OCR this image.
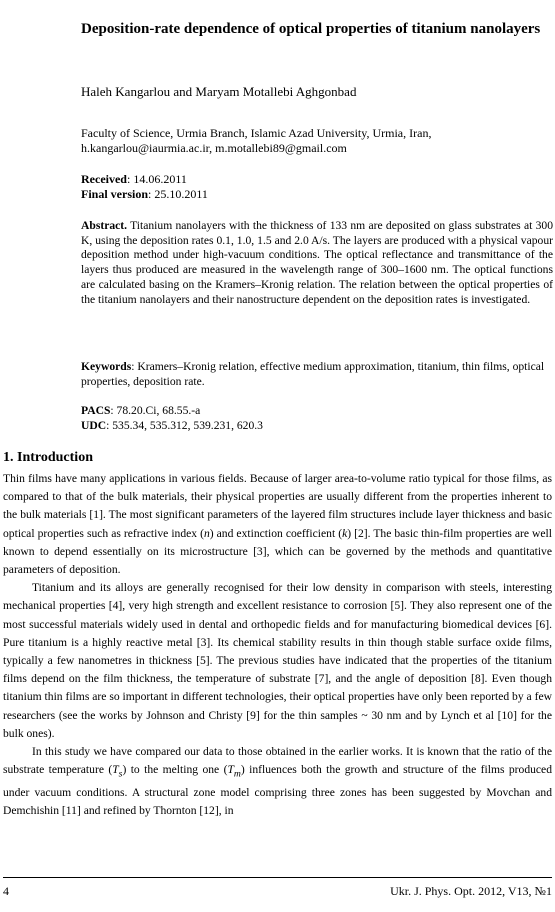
Deposition-rate dependence of optical properties of titanium nanolayers
Haleh Kangarlou and Maryam Motallebi Aghgonbad
Faculty of Science, Urmia Branch, Islamic Azad University, Urmia, Iran,
h.kangarlou@iaurmia.ac.ir, m.motallebi89@gmail.com
Received: 14.06.2011
Final version: 25.10.2011
Abstract. Titanium nanolayers with the thickness of 133 nm are deposited on glass substrates at 300 K, using the deposition rates 0.1, 1.0, 1.5 and 2.0 A/s. The layers are produced with a physical vapour deposition method under high-vacuum conditions. The optical reflectance and transmittance of the layers thus produced are measured in the wavelength range of 300–1600 nm. The optical functions are calculated basing on the Kramers–Kronig relation. The relation between the optical properties of the titanium nanolayers and their nanostructure dependent on the deposition rates is investigated.
Keywords: Kramers–Kronig relation, effective medium approximation, titanium, thin films, optical properties, deposition rate.
PACS: 78.20.Ci, 68.55.-a
UDC: 535.34, 535.312, 539.231, 620.3
1. Introduction

Thin films have many applications in various fields. Because of larger area-to-volume ratio typical for those films, as compared to that of the bulk materials, their physical properties are usually different from the properties inherent to the bulk materials [1]. The most significant parameters of the layered film structures include layer thickness and basic optical properties such as refractive index (n) and extinction coefficient (k) [2]. The basic thin-film properties are well known to depend essentially on its microstructure [3], which can be governed by the methods and quantitative parameters of deposition.

Titanium and its alloys are generally recognised for their low density in comparison with steels, interesting mechanical properties [4], very high strength and excellent resistance to corrosion [5]. They also represent one of the most successful materials widely used in dental and orthopedic fields and for manufacturing biomedical devices [6]. Pure titanium is a highly reactive metal [3]. Its chemical stability results in thin though stable surface oxide films, typically a few nanometres in thickness [5]. The previous studies have indicated that the properties of the titanium films depend on the film thickness, the temperature of substrate [7], and the angle of deposition [8]. Even though titanium thin films are so important in different technologies, their optical properties have only been reported by a few researchers (see the works by Johnson and Christy [9] for the thin samples ~ 30 nm and by Lynch et al [10] for the bulk ones).

In this study we have compared our data to those obtained in the earlier works. It is known that the ratio of the substrate temperature $(T_s)$ to the melting one $(T_m)$ influences both the growth and structure of the films produced under vacuum conditions. A structural zone model comprising three zones has been suggested by Movchan and Demchishin [11] and refined by Thornton [12], in

4	Ukr. J. Phys. Opt. 2012, V13, №1
